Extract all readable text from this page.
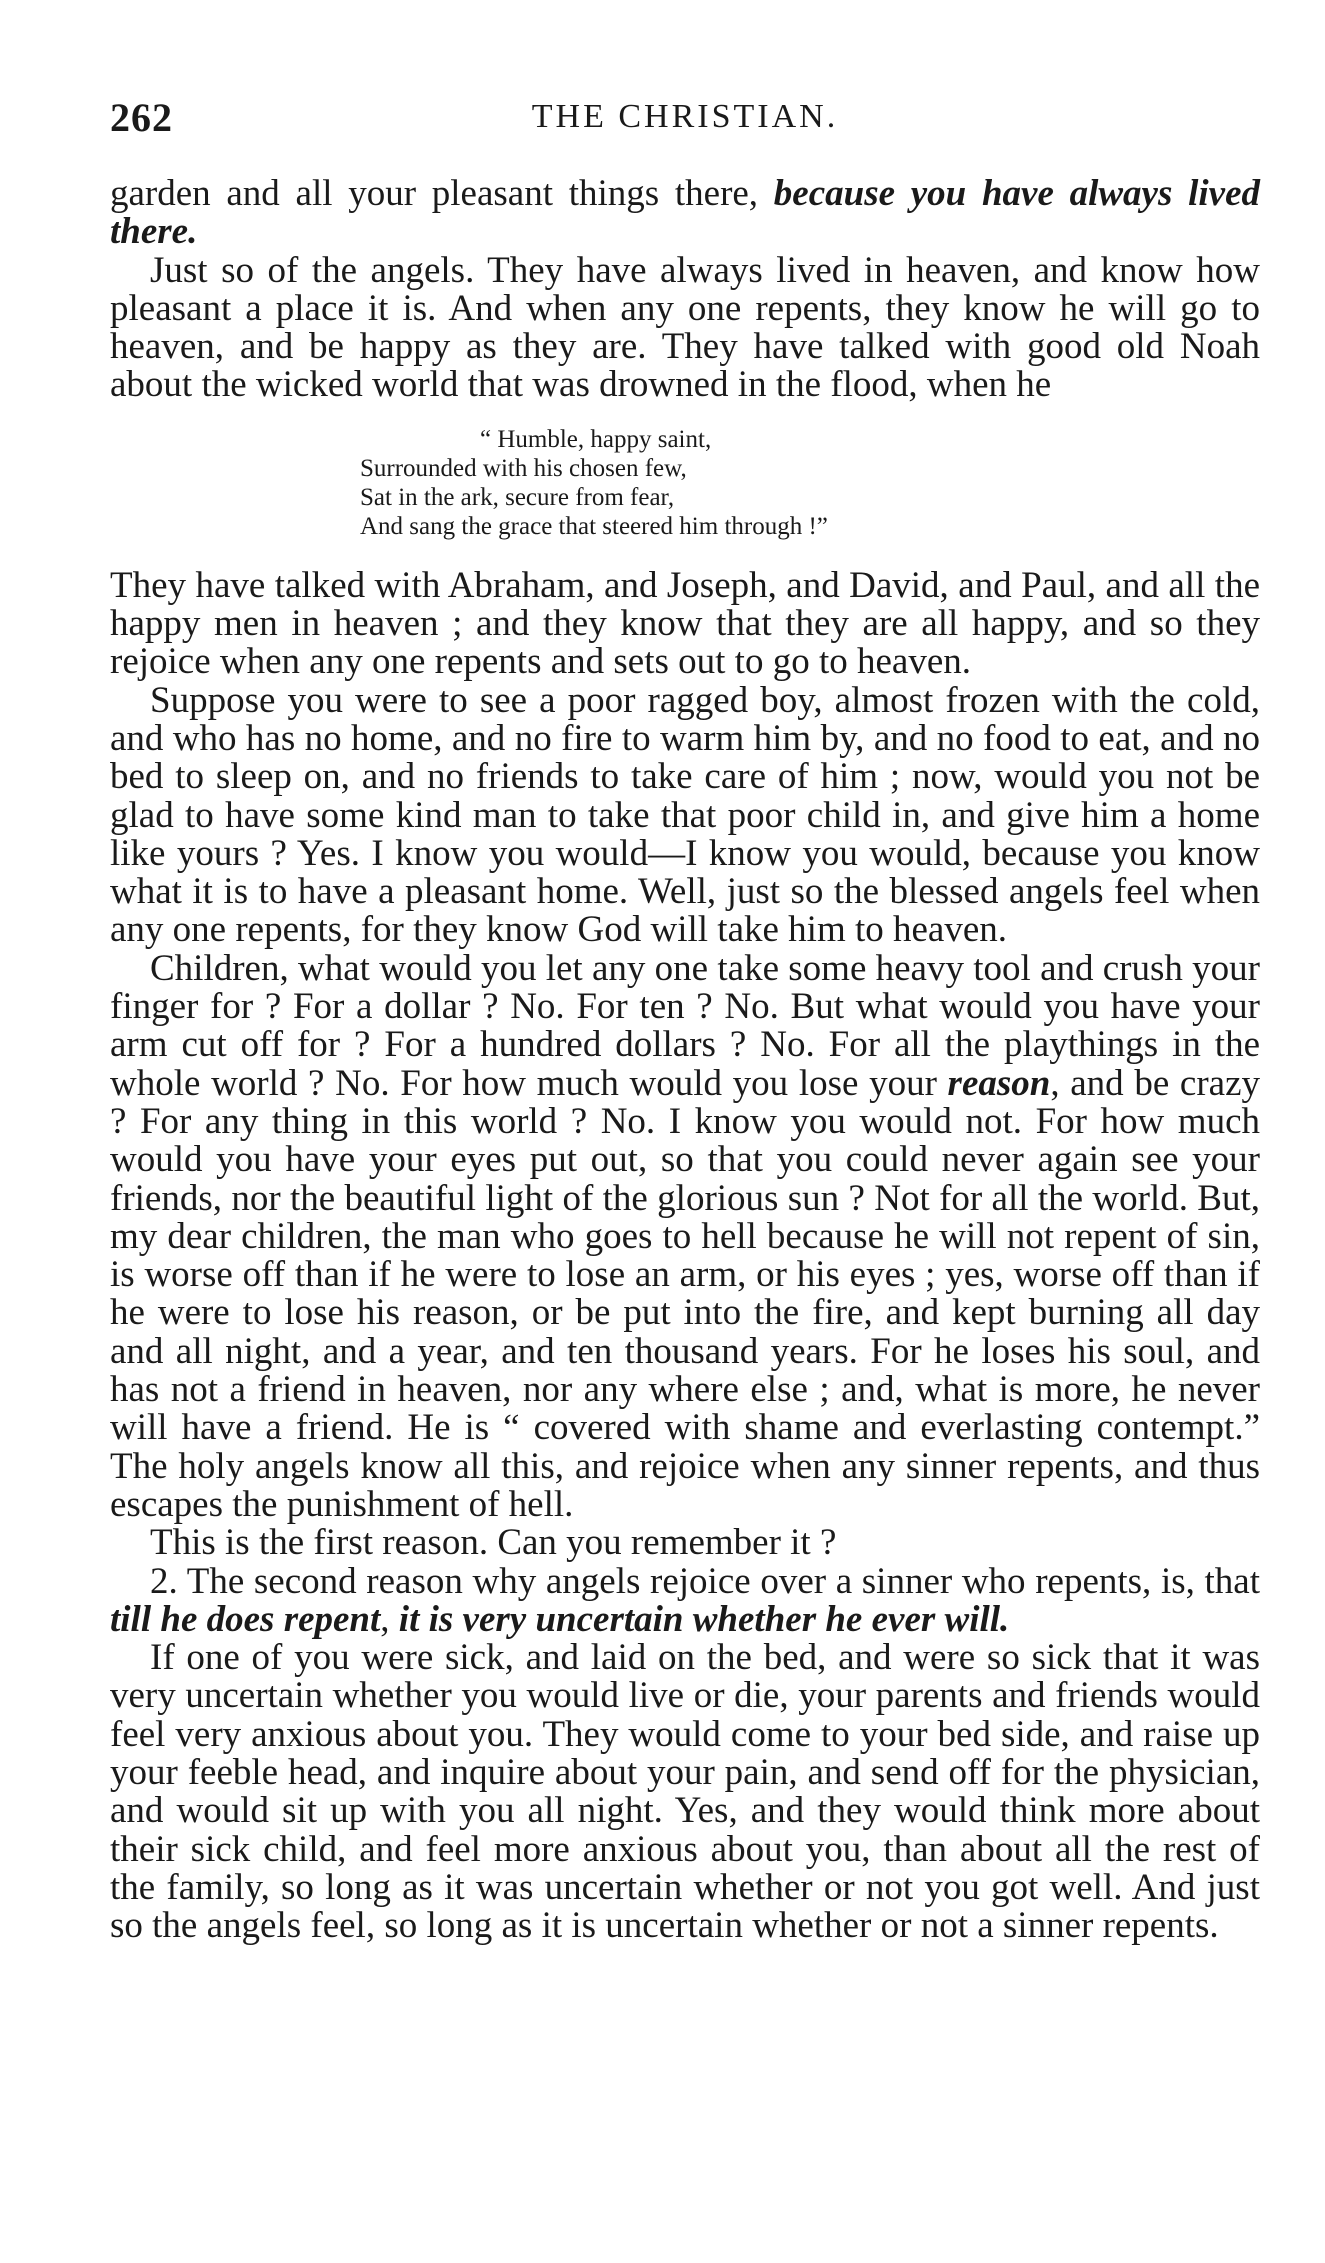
262	THE CHRISTIAN.

garden and all your pleasant things there, because you have always lived there.

Just so of the angels. They have always lived in heaven, and know how pleasant a place it is. And when any one repents, they know he will go to heaven, and be happy as they are. They have talked with good old Noah about the wicked world that was drowned in the flood, when he

“ Humble, happy saint,
Surrounded with his chosen few,
Sat in the ark, secure from fear,
And sang the grace that steered him through !”

They have talked with Abraham, and Joseph, and David, and Paul, and all the happy men in heaven ; and they know that they are all happy, and so they rejoice when any one repents and sets out to go to heaven.

Suppose you were to see a poor ragged boy, almost frozen with the cold, and who has no home, and no fire to warm him by, and no food to eat, and no bed to sleep on, and no friends to take care of him ; now, would you not be glad to have some kind man to take that poor child in, and give him a home like yours ? Yes. I know you would—I know you would, because you know what it is to have a pleasant home. Well, just so the blessed angels feel when any one repents, for they know God will take him to heaven.

Children, what would you let any one take some heavy tool and crush your finger for ? For a dollar ? No. For ten ? No. But what would you have your arm cut off for ? For a hundred dollars ? No. For all the playthings in the whole world ? No. For how much would you lose your reason, and be crazy ? For any thing in this world ? No. I know you would not. For how much would you have your eyes put out, so that you could never again see your friends, nor the beautiful light of the glorious sun ? Not for all the world. But, my dear children, the man who goes to hell because he will not repent of sin, is worse off than if he were to lose an arm, or his eyes ; yes, worse off than if he were to lose his reason, or be put into the fire, and kept burning all day and all night, and a year, and ten thousand years. For he loses his soul, and has not a friend in heaven, nor any where else ; and, what is more, he never will have a friend. He is “ covered with shame and everlasting contempt.” The holy angels know all this, and rejoice when any sinner repents, and thus escapes the punishment of hell.

This is the first reason. Can you remember it ?

2. The second reason why angels rejoice over a sinner who repents, is, that till he does repent, it is very uncertain whether he ever will.

If one of you were sick, and laid on the bed, and were so sick that it was very uncertain whether you would live or die, your parents and friends would feel very anxious about you. They would come to your bed side, and raise up your feeble head, and inquire about your pain, and send off for the physician, and would sit up with you all night. Yes, and they would think more about their sick child, and feel more anxious about you, than about all the rest of the family, so long as it was uncertain whether or not you got well. And just so the angels feel, so long as it is uncertain whether or not a sinner repents.
